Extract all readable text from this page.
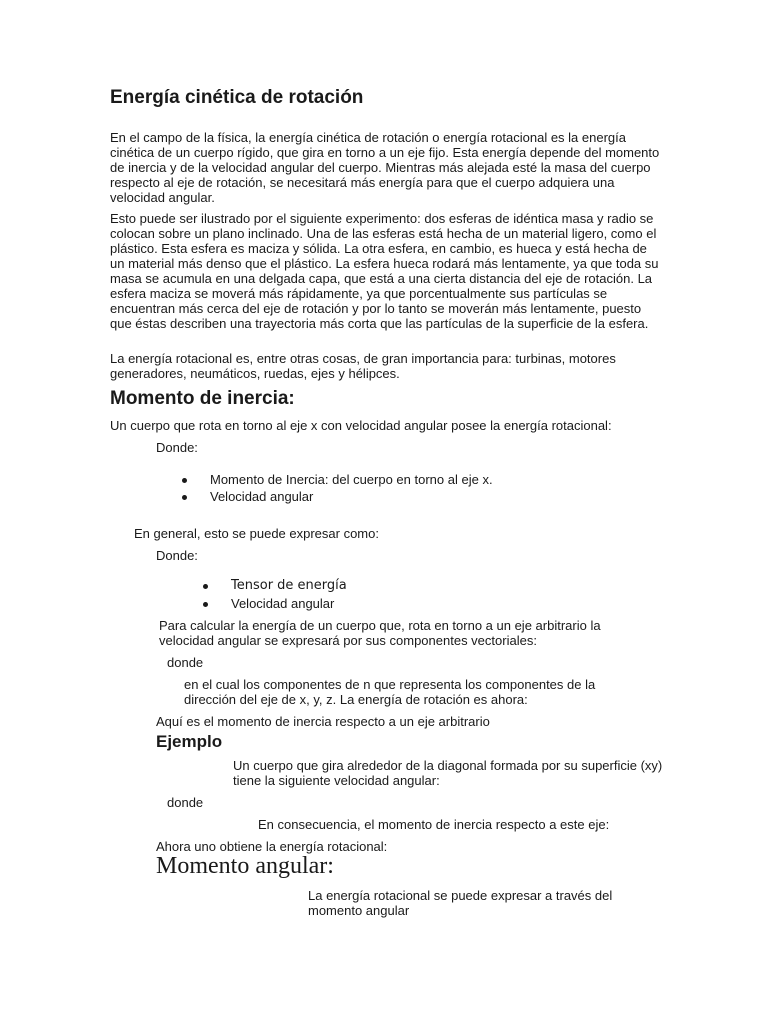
Energía cinética de rotación

En el campo de la física, la energía cinética de rotación o energía rotacional es la energía cinética de un cuerpo rígido, que gira en torno a un eje fijo. Esta energía depende del momento de inercia y de la velocidad angular del cuerpo. Mientras más alejada esté la masa del cuerpo respecto al eje de rotación, se necesitará más energía para que el cuerpo adquiera una velocidad angular.

Esto puede ser ilustrado por el siguiente experimento: dos esferas de idéntica masa y radio se colocan sobre un plano inclinado. Una de las esferas está hecha de un material ligero, como el plástico. Esta esfera es maciza y sólida. La otra esfera, en cambio, es hueca y está hecha de un material más denso que el plástico. La esfera hueca rodará más lentamente, ya que toda su masa se acumula en una delgada capa, que está a una cierta distancia del eje de rotación. La esfera maciza se moverá más rápidamente, ya que porcentualmente sus partículas se encuentran más cerca del eje de rotación y por lo tanto se moverán más lentamente, puesto que éstas describen una trayectoria más corta que las partículas de la superficie de la esfera.

La energía rotacional es, entre otras cosas, de gran importancia para: turbinas, motores generadores, neumáticos, ruedas, ejes y hélipces.

Momento de inercia:

Un cuerpo que rota en torno al eje x con velocidad angular posee la energía rotacional:

Donde:

Momento de Inercia: del cuerpo en torno al eje x.
Velocidad angular

En general, esto se puede expresar como:

Donde:

Tensor de energía
Velocidad angular

Para calcular la energía de un cuerpo que, rota en torno a un eje arbitrario la velocidad angular se expresará por sus componentes vectoriales:

donde

en el cual los componentes de n que representa los componentes de la dirección del eje de x, y, z. La energía de rotación es ahora:

Aquí es el momento de inercia respecto a un eje arbitrario

Ejemplo

Un cuerpo que gira alrededor de la diagonal formada por su superficie (xy) tiene la siguiente velocidad angular:

donde

En consecuencia, el momento de inercia respecto a este eje:

Ahora uno obtiene la energía rotacional:

Momento angular:

La energía rotacional se puede expresar a través del momento angular
